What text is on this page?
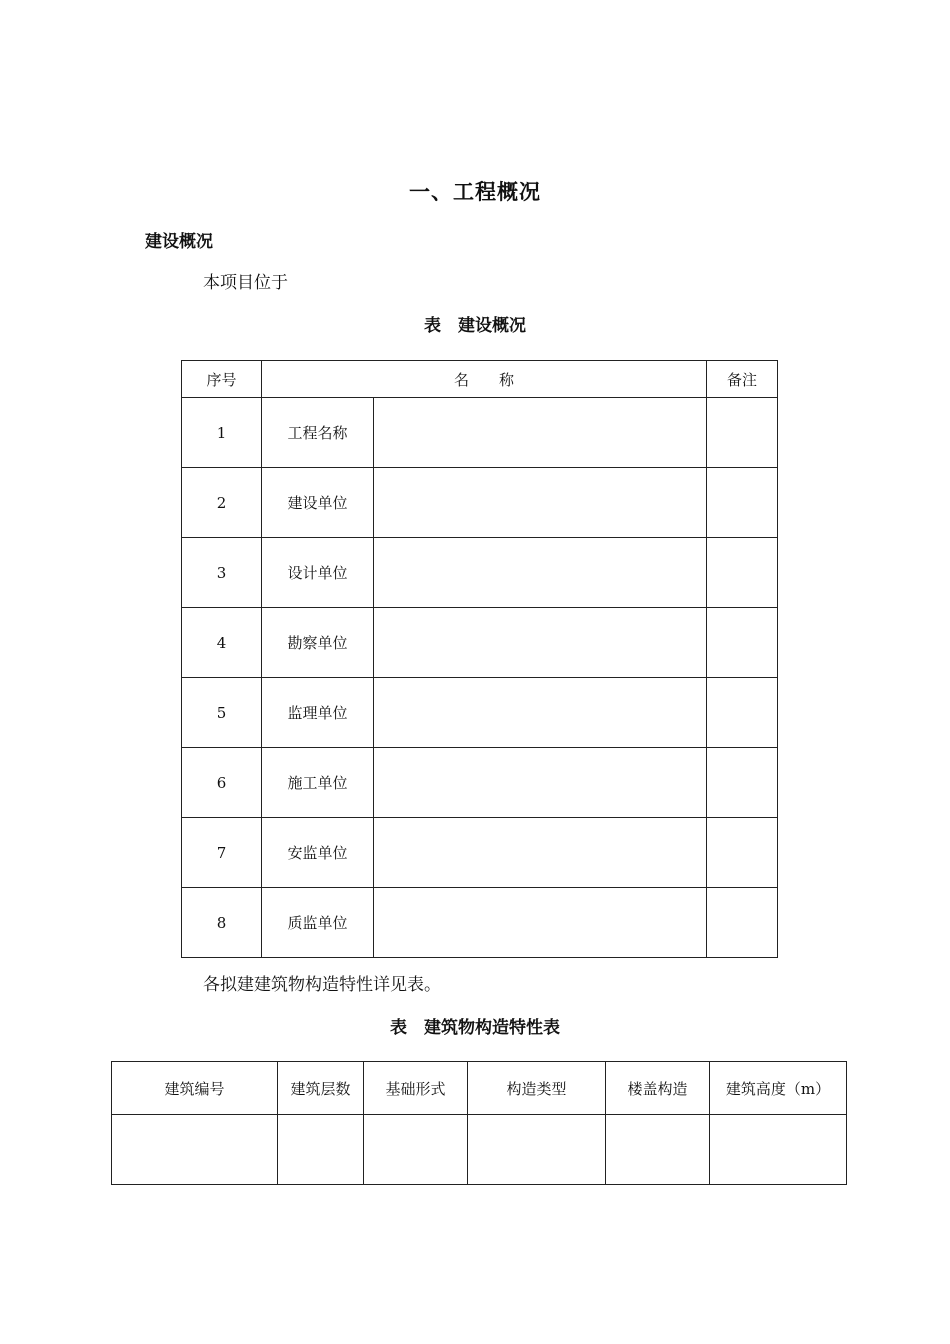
一、工程概况
建设概况
本项目位于
表　建设概况
序号	名　　称		备注
1	工程名称		
2	建设单位		
3	设计单位		
4	勘察单位		
5	监理单位		
6	施工单位		
7	安监单位		
8	质监单位		
各拟建建筑物构造特性详见表。
表　建筑物构造特性表
建筑编号	建筑层数	基础形式	构造类型	楼盖构造	建筑高度（m）
